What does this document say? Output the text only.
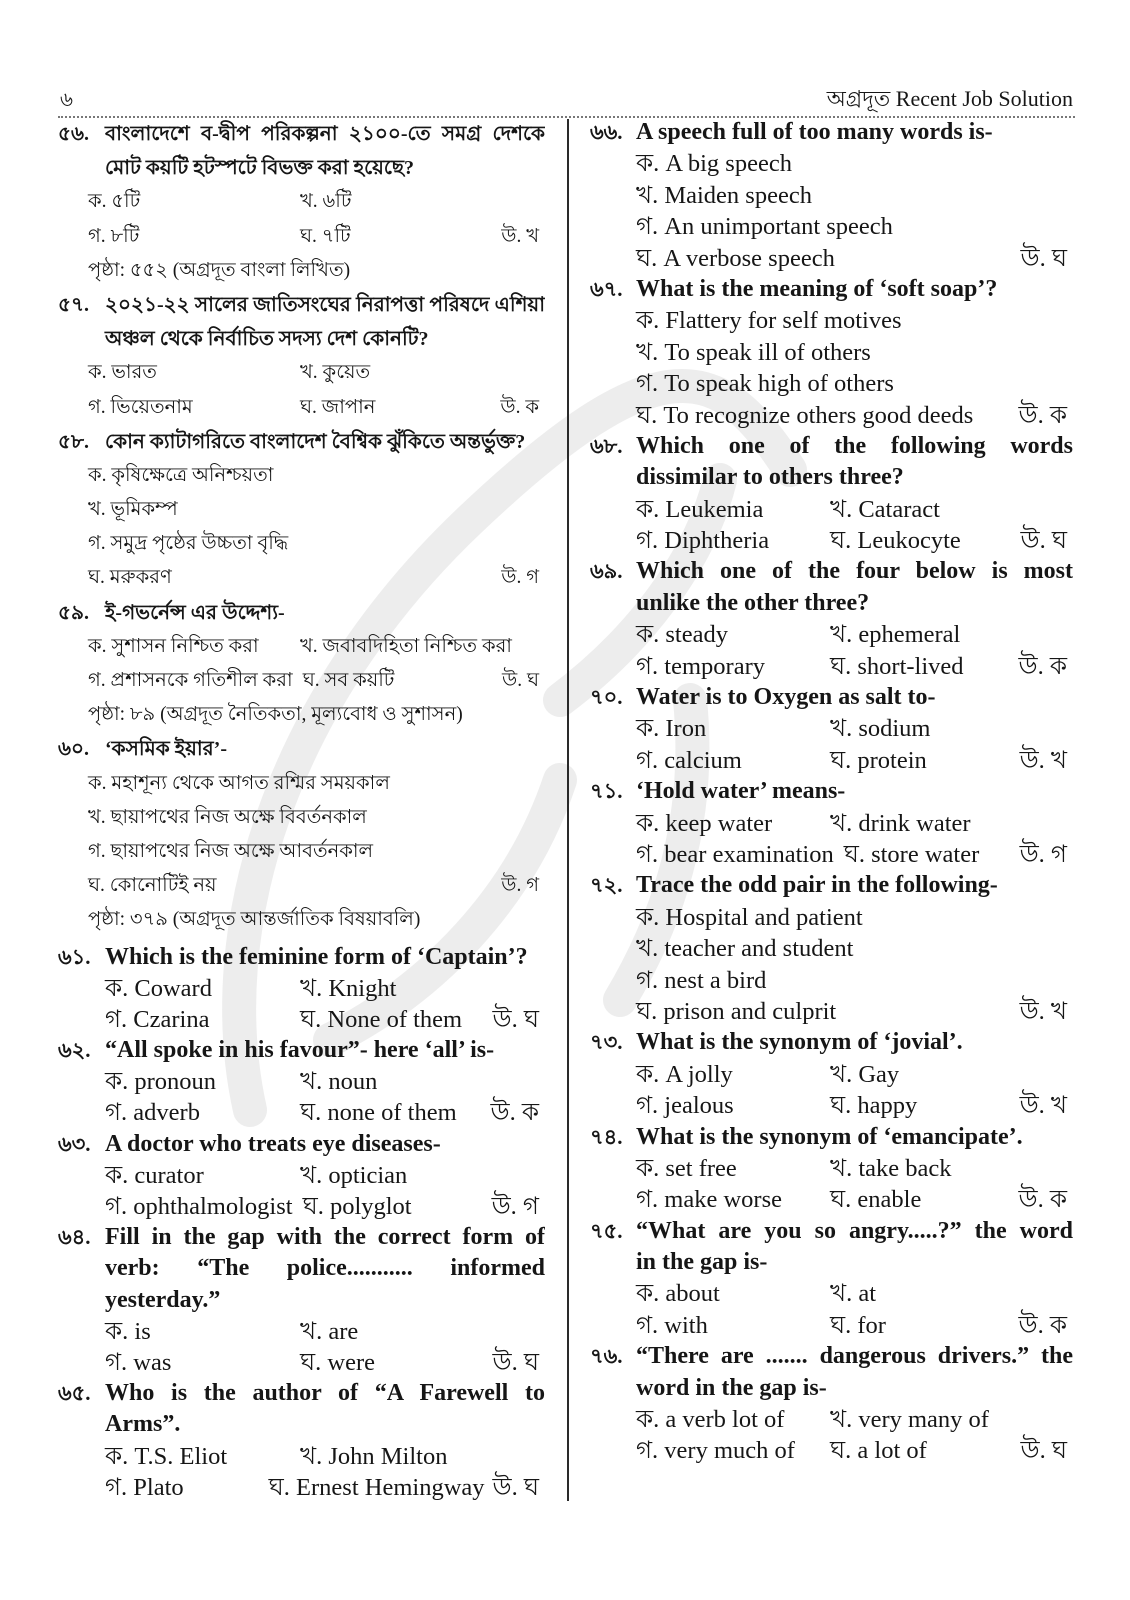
৬	অগ্রদূত Recent Job Solution
৫৬. বাংলাদেশে ব-দ্বীপ পরিকল্পনা ২১০০-তে সমগ্র দেশকে
মোট কয়টি হটস্পটে বিভক্ত করা হয়েছে?
ক. ৫টি	খ. ৬টি
গ. ৮টি	ঘ. ৭টি	উ. খ
পৃষ্ঠা: ৫৫২ (অগ্রদূত বাংলা লিখিত)
৫৭. ২০২১-২২ সালের জাতিসংঘের নিরাপত্তা পরিষদে এশিয়া
অঞ্চল থেকে নির্বাচিত সদস্য দেশ কোনটি?
ক. ভারত	খ. কুয়েত
গ. ভিয়েতনাম	ঘ. জাপান	উ. ক
৫৮. কোন ক্যাটাগরিতে বাংলাদেশ বৈশ্বিক ঝুঁকিতে অন্তর্ভুক্ত?
ক. কৃষিক্ষেত্রে অনিশ্চয়তা
খ. ভূমিকম্প
গ. সমুদ্র পৃষ্ঠের উচ্চতা বৃদ্ধি
ঘ. মরুকরণ	উ. গ
৫৯. ই-গভর্নেন্স এর উদ্দেশ্য-
ক. সুশাসন নিশ্চিত করা	খ. জবাবদিহিতা নিশ্চিত করা
গ. প্রশাসনকে গতিশীল করা ঘ. সব কয়টি	উ. ঘ
পৃষ্ঠা: ৮৯ (অগ্রদূত নৈতিকতা, মূল্যবোধ ও সুশাসন)
৬০. ‘কসমিক ইয়ার’-
ক. মহাশূন্য থেকে আগত রশ্মির সময়কাল
খ. ছায়াপথের নিজ অক্ষে বিবর্তনকাল
গ. ছায়াপথের নিজ অক্ষে আবর্তনকাল
ঘ. কোনোটিই নয়	উ. গ
পৃষ্ঠা: ৩৭৯ (অগ্রদূত আন্তর্জাতিক বিষয়াবলি)
৬১. Which is the feminine form of ‘Captain’?
ক. Coward	খ. Knight
গ. Czarina	ঘ. None of them	উ. ঘ
৬২. “All spoke in his favour”- here ‘all’ is-
ক. pronoun	খ. noun
গ. adverb	ঘ. none of them	উ. ক
৬৩. A doctor who treats eye diseases-
ক. curator	খ. optician
গ. ophthalmologist ঘ. polyglot	উ. গ
৬৪. Fill in the gap with the correct form of
verb: “The police........... informed
yesterday.”
ক. is	খ. are
গ. was	ঘ. were	উ. ঘ
৬৫. Who is the author of “A Farewell to
Arms”.
ক. T.S. Eliot	খ. John Milton
গ. Plato	ঘ. Ernest Hemingway উ. ঘ
৬৬. A speech full of too many words is-
ক. A big speech
খ. Maiden speech
গ. An unimportant speech
ঘ. A verbose speech	উ. ঘ
৬৭. What is the meaning of ‘soft soap’?
ক. Flattery for self motives
খ. To speak ill of others
গ. To speak high of others
ঘ. To recognize others good deeds	উ. ক
৬৮. Which one of the following words
dissimilar to others three?
ক. Leukemia	খ. Cataract
গ. Diphtheria	ঘ. Leukocyte	উ. ঘ
৬৯. Which one of the four below is most
unlike the other three?
ক. steady	খ. ephemeral
গ. temporary	ঘ. short-lived	উ. ক
৭০. Water is to Oxygen as salt to-
ক. Iron	খ. sodium
গ. calcium	ঘ. protein	উ. খ
৭১. ‘Hold water’ means-
ক. keep water	খ. drink water
গ. bear examination ঘ. store water	উ. গ
৭২. Trace the odd pair in the following-
ক. Hospital and patient
খ. teacher and student
গ. nest a bird
ঘ. prison and culprit	উ. খ
৭৩. What is the synonym of ‘jovial’.
ক. A jolly	খ. Gay
গ. jealous	ঘ. happy	উ. খ
৭৪. What is the synonym of ‘emancipate’.
ক. set free	খ. take back
গ. make worse	ঘ. enable	উ. ক
৭৫. “What are you so angry.....?” the word
in the gap is-
ক. about	খ. at
গ. with	ঘ. for	উ. ক
৭৬. “There are ....... dangerous drivers.” the
word in the gap is-
ক. a verb lot of	খ. very many of
গ. very much of	ঘ. a lot of	উ. ঘ
